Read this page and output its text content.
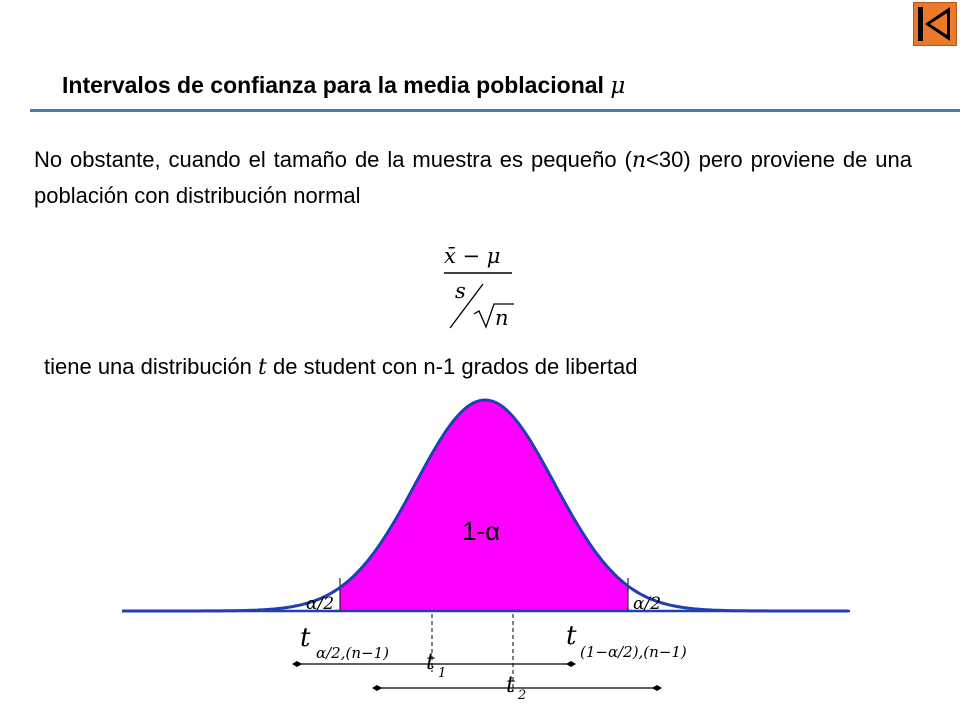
Intervalos de confianza para la media poblacional μ
No obstante, cuando el tamaño de la muestra es pequeño (n<30) pero proviene de una población con distribución normal
x̄ − μ
s
n
1-α
α/2	α/2
t α/2,(n−1)
t
(1−α/2),(n−1)
t 1	t 2
tiene una distribución t de student con n-1 grados de libertad
